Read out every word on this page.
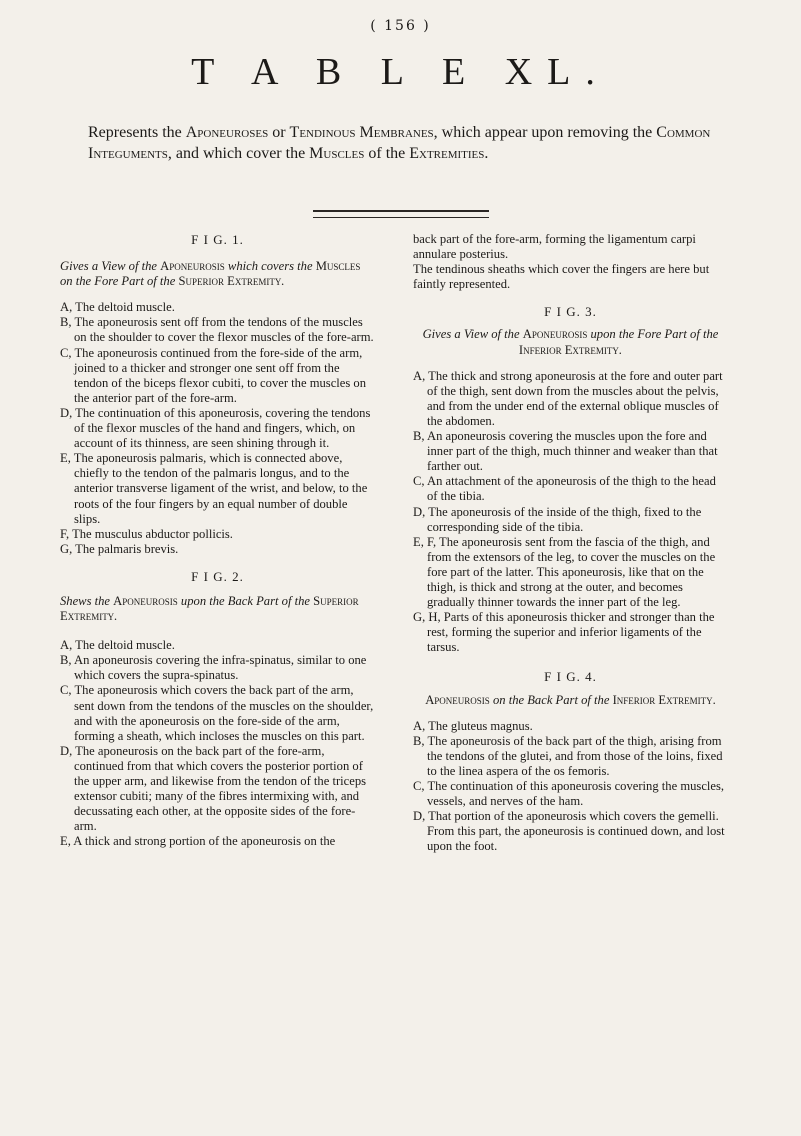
( 156 )
T A B L E XL.
Represents the Aponeuroses or Tendinous Membranes, which appear upon removing the Common Integuments, and which cover the Muscles of the Extremities.

F I G. 1.

Gives a View of the Aponeurosis which covers the Muscles on the Fore Part of the Superior Extremity.

A, The deltoid muscle.

B, The aponeurosis sent off from the tendons of the muscles on the shoulder to cover the flexor muscles of the fore-arm.

C, The aponeurosis continued from the fore-side of the arm, joined to a thicker and stronger one sent off from the tendon of the biceps flexor cubiti, to cover the muscles on the anterior part of the fore-arm.

D, The continuation of this aponeurosis, covering the tendons of the flexor muscles of the hand and fingers, which, on account of its thinness, are seen shining through it.

E, The aponeurosis palmaris, which is connected above, chiefly to the tendon of the palmaris longus, and to the anterior transverse ligament of the wrist, and below, to the roots of the four fingers by an equal number of double slips.

F, The musculus abductor pollicis.

G, The palmaris brevis.

F I G. 2.

Shews the Aponeurosis upon the Back Part of the Superior Extremity.

A, The deltoid muscle.

B, An aponeurosis covering the infra-spinatus, similar to one which covers the supra-spinatus.

C, The aponeurosis which covers the back part of the arm, sent down from the tendons of the muscles on the shoulder, and with the aponeurosis on the fore-side of the arm, forming a sheath, which incloses the muscles on this part.

D, The aponeurosis on the back part of the fore-arm, continued from that which covers the posterior portion of the upper arm, and likewise from the tendon of the triceps extensor cubiti; many of the fibres intermixing with, and decussating each other, at the opposite sides of the fore-arm.

E, A thick and strong portion of the aponeurosis on the

back part of the fore-arm, forming the ligamentum carpi annulare posterius.

The tendinous sheaths which cover the fingers are here but faintly represented.

F I G. 3.

Gives a View of the Aponeurosis upon the Fore Part of the Inferior Extremity.

A, The thick and strong aponeurosis at the fore and outer part of the thigh, sent down from the muscles about the pelvis, and from the under end of the external oblique muscles of the abdomen.

B, An aponeurosis covering the muscles upon the fore and inner part of the thigh, much thinner and weaker than that farther out.

C, An attachment of the aponeurosis of the thigh to the head of the tibia.

D, The aponeurosis of the inside of the thigh, fixed to the corresponding side of the tibia.

E, F, The aponeurosis sent from the fascia of the thigh, and from the extensors of the leg, to cover the muscles on the fore part of the latter. This aponeurosis, like that on the thigh, is thick and strong at the outer, and becomes gradually thinner towards the inner part of the leg.

G, H, Parts of this aponeurosis thicker and stronger than the rest, forming the superior and inferior ligaments of the tarsus.

F I G. 4.

Aponeurosis on the Back Part of the Inferior Extremity.

A, The gluteus magnus.

B, The aponeurosis of the back part of the thigh, arising from the tendons of the glutei, and from those of the loins, fixed to the linea aspera of the os femoris.

C, The continuation of this aponeurosis covering the muscles, vessels, and nerves of the ham.

D, That portion of the aponeurosis which covers the gemelli. From this part, the aponeurosis is continued down, and lost upon the foot.
